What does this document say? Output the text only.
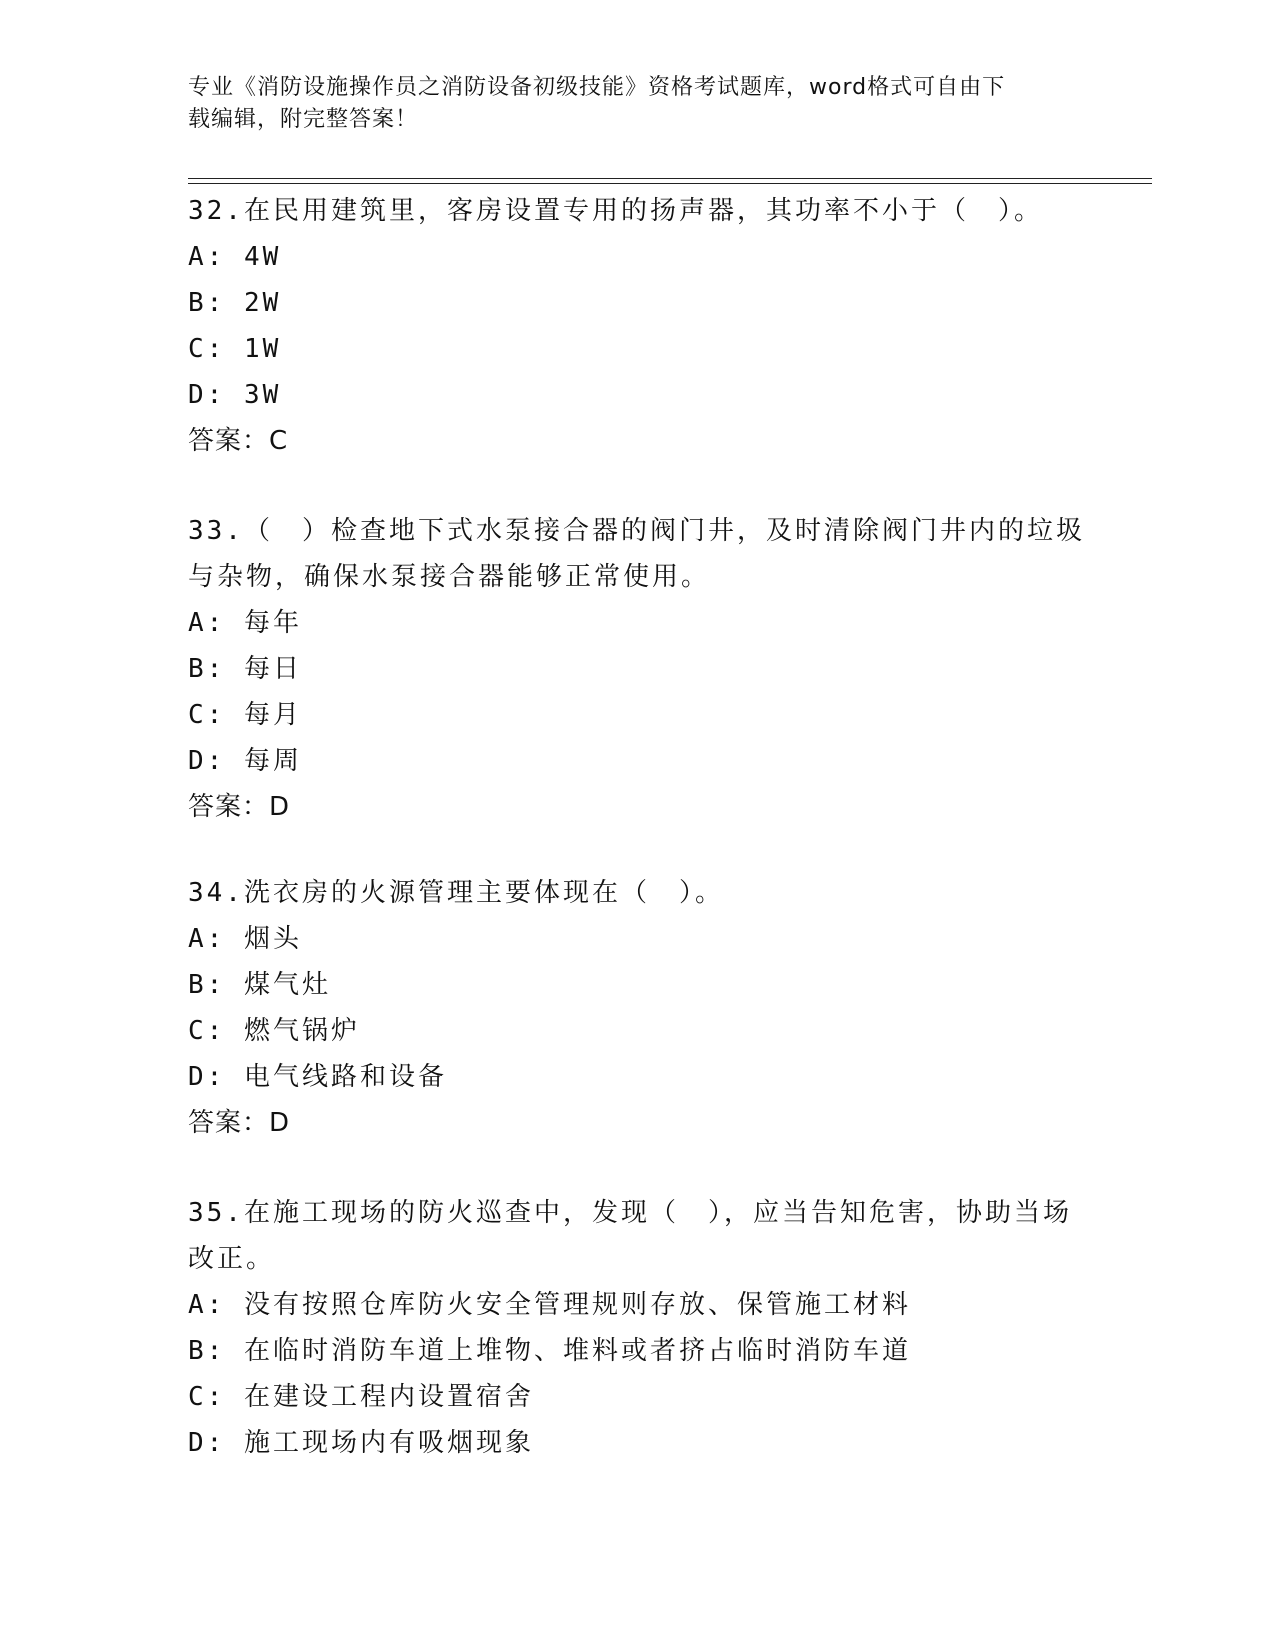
专业《消防设施操作员之消防设备初级技能》资格考试题库，word格式可自由下
载编辑，附完整答案！
32.在民用建筑里，客房设置专用的扬声器，其功率不小于（　）。
A: 4W
B: 2W
C: 1W
D: 3W
答案：C
33.（　）检查地下式水泵接合器的阀门井，及时清除阀门井内的垃圾
与杂物，确保水泵接合器能够正常使用。
A: 每年
B: 每日
C: 每月
D: 每周
答案：D
34.洗衣房的火源管理主要体现在（　）。
A: 烟头
B: 煤气灶
C: 燃气锅炉
D: 电气线路和设备
答案：D
35.在施工现场的防火巡查中，发现（　），应当告知危害，协助当场
改正。
A: 没有按照仓库防火安全管理规则存放、保管施工材料
B: 在临时消防车道上堆物、堆料或者挤占临时消防车道
C: 在建设工程内设置宿舍
D: 施工现场内有吸烟现象
